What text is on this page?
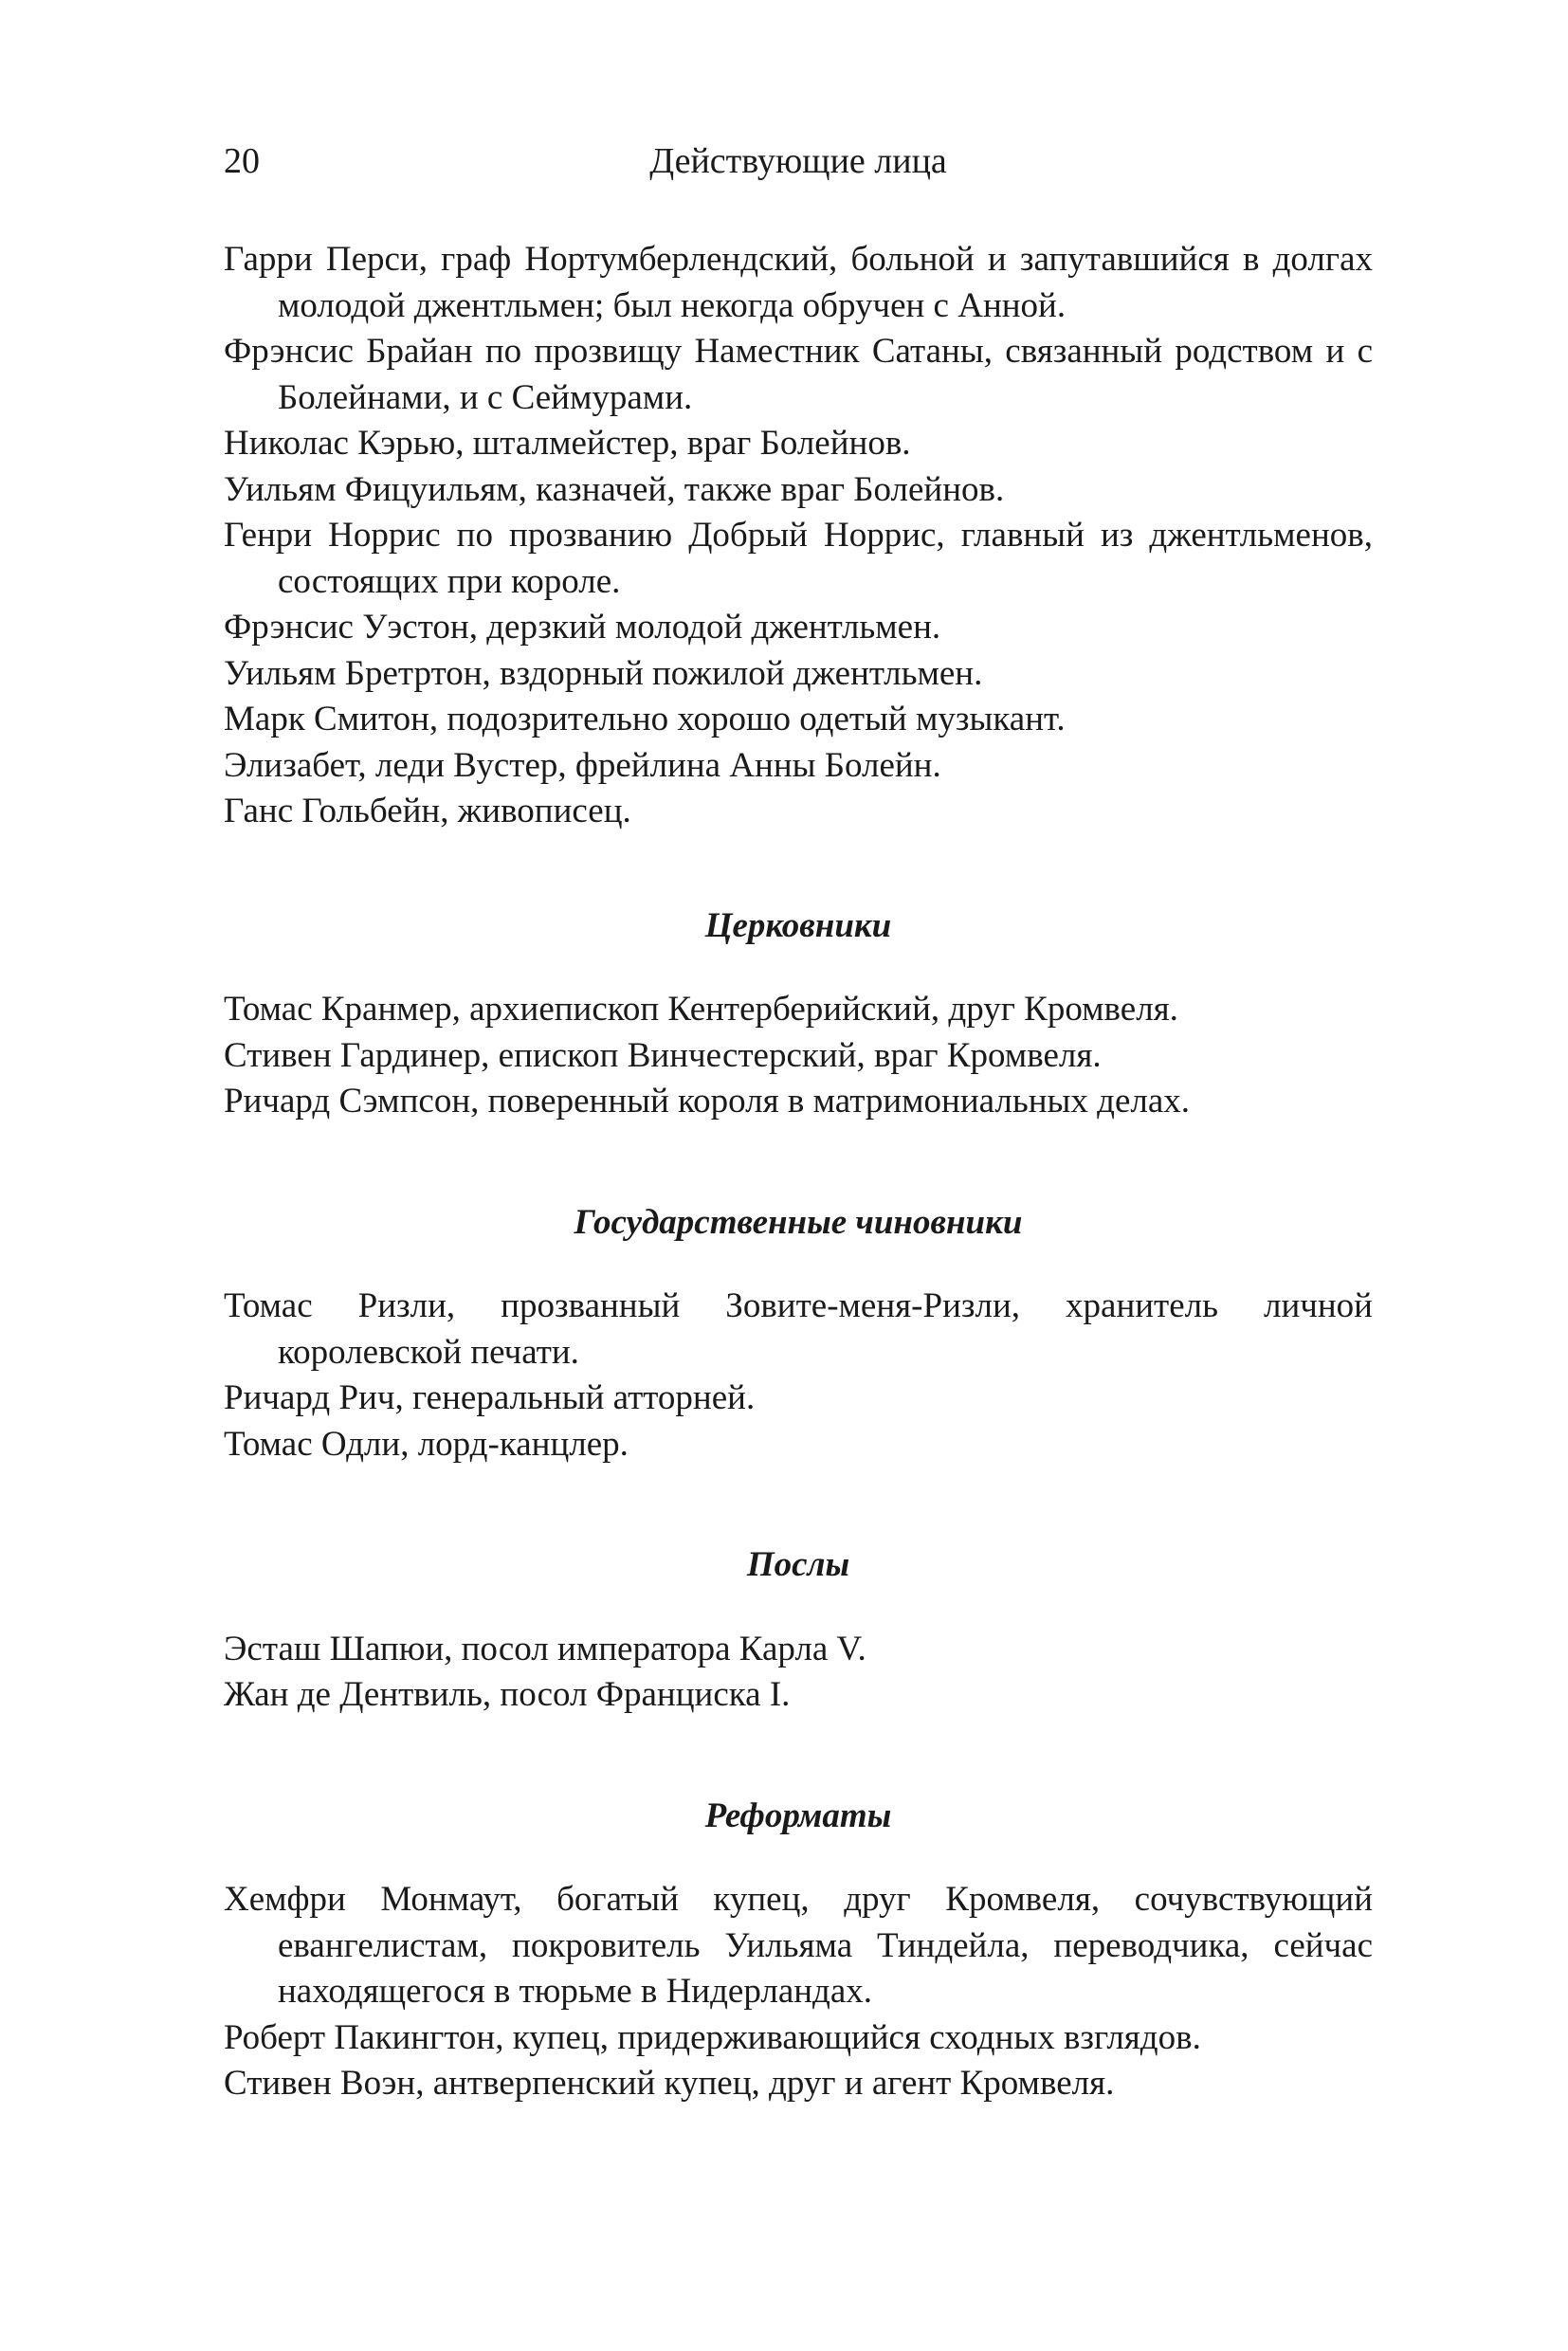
20	Действующие лица

Гарри Перси, граф Нортумберлендский, больной и запутавшийся в долгах молодой джентльмен; был некогда обручен с Анной.

Фрэнсис Брайан по прозвищу Наместник Сатаны, связанный родством и с Болейнами, и с Сеймурами.

Николас Кэрью, шталмейстер, враг Болейнов.

Уильям Фицуильям, казначей, также враг Болейнов.

Генри Норрис по прозванию Добрый Норрис, главный из джентльменов, состоящих при короле.

Фрэнсис Уэстон, дерзкий молодой джентльмен.

Уильям Бретртон, вздорный пожилой джентльмен.

Марк Смитон, подозрительно хорошо одетый музыкант.

Элизабет, леди Вустер, фрейлина Анны Болейн.

Ганс Гольбейн, живописец.

Церковники

Томас Кранмер, архиепископ Кентерберийский, друг Кромвеля.

Стивен Гардинер, епископ Винчестерский, враг Кромвеля.

Ричард Сэмпсон, поверенный короля в матримониальных делах.

Государственные чиновники

Томас Ризли, прозванный Зовите-меня-Ризли, хранитель личной королевской печати.

Ричард Рич, генеральный атторней.

Томас Одли, лорд-канцлер.

Послы

Эсташ Шапюи, посол императора Карла V.

Жан де Дентвиль, посол Франциска I.

Реформаты

Хемфри Монмаут, богатый купец, друг Кромвеля, сочувствующий евангелистам, покровитель Уильяма Тиндейла, переводчика, сейчас находящегося в тюрьме в Нидерландах.

Роберт Пакингтон, купец, придерживающийся сходных взглядов.

Стивен Воэн, антверпенский купец, друг и агент Кромвеля.
